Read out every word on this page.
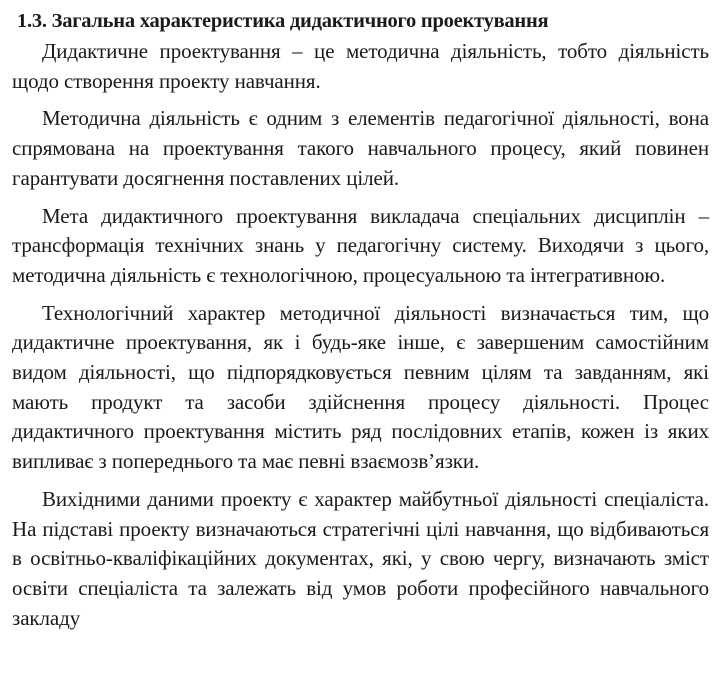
1.3. Загальна характеристика дидактичного проектування

Дидактичне проектування – це методична діяльність, тобто діяльність щодо створення проекту навчання.

Методична діяльність є одним з елементів педагогічної діяльності, вона спрямована на проектування такого навчального процесу, який повинен гарантувати досягнення поставлених цілей.

Мета дидактичного проектування викладача спеціальних дисциплін – трансформація технічних знань у педагогічну систему. Виходячи з цього, методична діяльність є технологічною, процесуальною та інтегративною.

Технологічний характер методичної діяльності визначається тим, що дидактичне проектування, як і будь-яке інше, є завершеним самостійним видом діяльності, що підпорядковується певним цілям та завданням, які мають продукт та засоби здійснення процесу діяльності. Процес дидактичного проектування містить ряд послідовних етапів, кожен із яких випливає з попереднього та має певні взаємозв’язки.

Вихідними даними проекту є характер майбутньої діяльності спеціаліста. На підставі проекту визначаються стратегічні цілі навчання, що відбиваються в освітньо-кваліфікаційних документах, які, у свою чергу, визначають зміст освіти спеціаліста та залежать від умов роботи професійного навчального закладу
